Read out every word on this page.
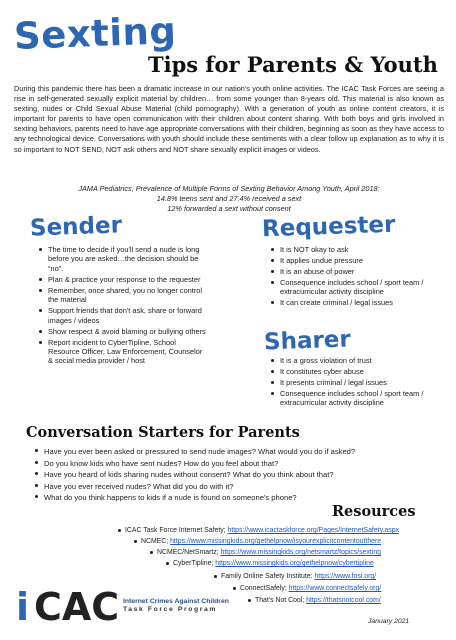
Sexting
Tips for Parents & Youth

During this pandemic there has been a dramatic increase in our nation's youth online activities. The ICAC Task Forces are seeing a rise in self-generated sexually explicit material by children… from some younger than 8-years old. This material is also known as sexting, nudes or Child Sexual Abuse Material (child pornography). With a generation of youth as online content creators, it is important for parents to have open communication with their children about content sharing. With both boys and girls involved in sexting behaviors, parents need to have age appropriate conversations with their children, beginning as soon as they have access to any technological device. Conversations with youth should include these sentiments with a clear follow up explanation as to why it is so important to NOT SEND, NOT ask others and NOT share sexually explicit images or videos.

JAMA Pediatrics, Prevalence of Multiple Forms of Sexting Behavior Among Youth, April 2018:
14.8% teens sent and 27.4% received a sext
12% forwarded a sext without consent
Sender
The time to decide if you'll send a nude is long before you are asked…the decision should be “no”.
Plan & practice your response to the requester
Remember, once shared, you no longer control the material
Support friends that don't ask, share or forward images / videos
Show respect & avoid blaming or bullying others
Report incident to CyberTipline, School Resource Officer, Law Enforcement, Counselor & social media provider / host
Requester
It is NOT okay to ask
It applies undue pressure
It is an abuse of power
Consequence includes school / sport team / extracurricular activity discipline
It can create criminal / legal issues
Sharer
It is a gross violation of trust
It constitutes cyber abuse
It presents criminal / legal issues
Consequence includes school / sport team / extracurricular activity discipline
Conversation Starters for Parents
Have you ever been asked or pressured to send nude images? What would you do if asked?
Do you know kids who have sent nudes? How do you feel about that?
Have you heard of kids sharing nudes without consent? What do you think about that?
Have you ever received nudes? What did you do with it?
What do you think happens to kids if a nude is found on someone's phone?
Resources
ICAC Task Force Internet Safety; https://www.icactaskforce.org/Pages/InternetSafety.aspx
NCMEC; https://www.missingkids.org/gethelpnow/isyourexplicitcontentoutthere
NCMEC/NetSmartz; https://www.missingkids.org/netsmartz/topics/sexting
CyberTipline; https://www.missingkids.org/gethelpnow/cybertipline
Family Online Safety Institute: https://www.fosi.org/
ConnectSafely; https://www.connectsafely.org/
That's Not Cool; https://thatsnotcool.com/
i CAC Internet Crimes Against Children
Task Force Program
January 2021
